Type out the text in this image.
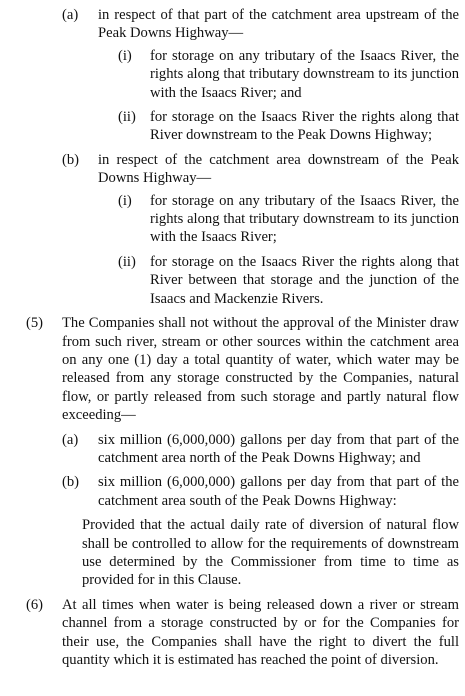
(a)	in respect of that part of the catchment area upstream of the Peak Downs Highway—
(i)	for storage on any tributary of the Isaacs River, the rights along that tributary downstream to its junction with the Isaacs River; and
(ii) for storage on the Isaacs River the rights along that River downstream to the Peak Downs Highway;
(b)	in respect of the catchment area downstream of the Peak Downs Highway—
(i)	for storage on any tributary of the Isaacs River, the rights along that tributary downstream to its junction with the Isaacs River;
(ii) for storage on the Isaacs River the rights along that River between that storage and the junction of the Isaacs and Mackenzie Rivers.
(5)	The Companies shall not without the approval of the Minister draw from such river, stream or other sources within the catchment area on any one (1) day a total quantity of water, which water may be released from any storage constructed by the Companies, natural flow, or partly released from such storage and partly natural flow exceeding—
(a)	six million (6,000,000) gallons per day from that part of the catchment area north of the Peak Downs Highway; and
(b)	six million (6,000,000) gallons per day from that part of the catchment area south of the Peak Downs Highway:
Provided that the actual daily rate of diversion of natural flow shall be controlled to allow for the requirements of downstream use determined by the Commissioner from time to time as provided for in this Clause.
(6)	At all times when water is being released down a river or stream channel from a storage constructed by or for the Companies for their use, the Companies shall have the right to divert the full quantity which it is estimated has reached the point of diversion.
